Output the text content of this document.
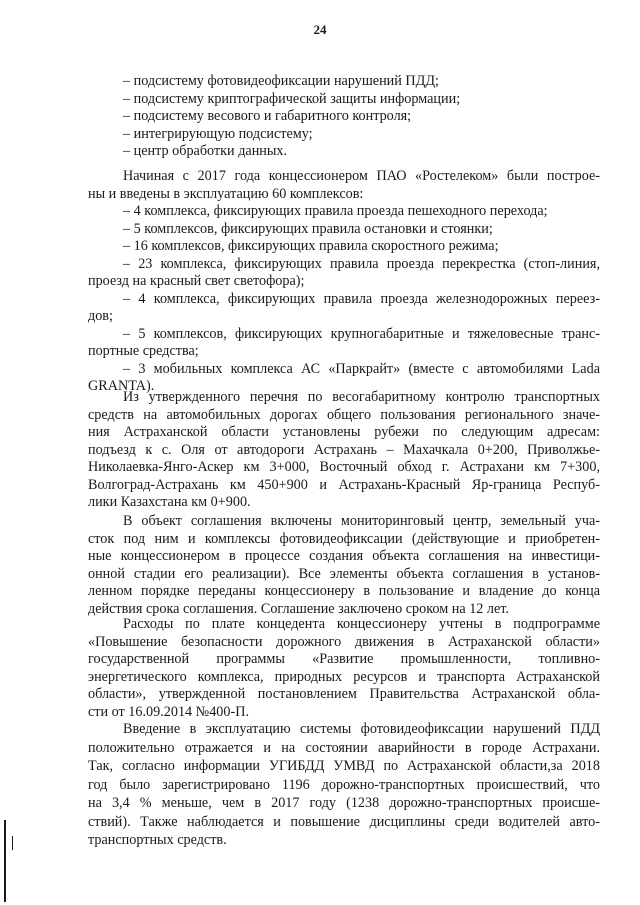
24
– подсистему фотовидеофиксации нарушений ПДД;
– подсистему криптографической защиты информации;
– подсистему весового и габаритного контроля;
– интегрирующую подсистему;
– центр обработки данных.
Начиная с 2017 года концессионером ПАО «Ростелеком» были построе-
ны и введены в эксплуатацию 60 комплексов:
– 4 комплекса, фиксирующих правила проезда пешеходного перехода;
– 5 комплексов, фиксирующих правила остановки и стоянки;
– 16 комплексов, фиксирующих правила скоростного режима;
– 23 комплекса, фиксирующих правила проезда перекрестка (стоп-линия,
проезд на красный свет светофора);
– 4 комплекса, фиксирующих правила проезда железнодорожных переез-
дов;
– 5 комплексов, фиксирующих крупногабаритные и тяжеловесные транс-
портные средства;
– 3 мобильных комплекса АС «Паркрайт» (вместе с автомобилями Lada
GRANTA).
Из утвержденного перечня по весогабаритному контролю транспортных
средств на автомобильных дорогах общего пользования регионального значе-
ния Астраханской области установлены рубежи по следующим адресам:
подъезд к с. Оля от автодороги Астрахань – Махачкала 0+200, Приволжье-
Николаевка-Янго-Аскер км 3+000, Восточный обход г. Астрахани км 7+300,
Волгоград-Астрахань км 450+900 и Астрахань-Красный Яр-граница Респуб-
лики Казахстана км 0+900.
В объект соглашения включены мониторинговый центр, земельный уча-
сток под ним и комплексы фотовидеофиксации (действующие и приобретен-
ные концессионером в процессе создания объекта соглашения на инвестици-
онной стадии его реализации). Все элементы объекта соглашения в установ-
ленном порядке переданы концессионеру в пользование и владение до конца
действия срока соглашения. Соглашение заключено сроком на 12 лет.
Расходы по плате концедента концессионеру учтены в подпрограмме
«Повышение безопасности дорожного движения в Астраханской области»
государственной программы «Развитие промышленности, топливно-
энергетического комплекса, природных ресурсов и транспорта Астраханской
области», утвержденной постановлением Правительства Астраханской обла-
сти от 16.09.2014 №400-П.
Введение в эксплуатацию системы фотовидеофиксации нарушений ПДД
положительно отражается и на состоянии аварийности в городе Астрахани.
Так, согласно информации УГИБДД УМВД по Астраханской области,за 2018
год было зарегистрировано 1196 дорожно-транспортных происшествий, что
на 3,4 % меньше, чем в 2017 году (1238 дорожно-транспортных происше-
ствий). Также наблюдается и повышение дисциплины среди водителей авто-
транспортных средств.
